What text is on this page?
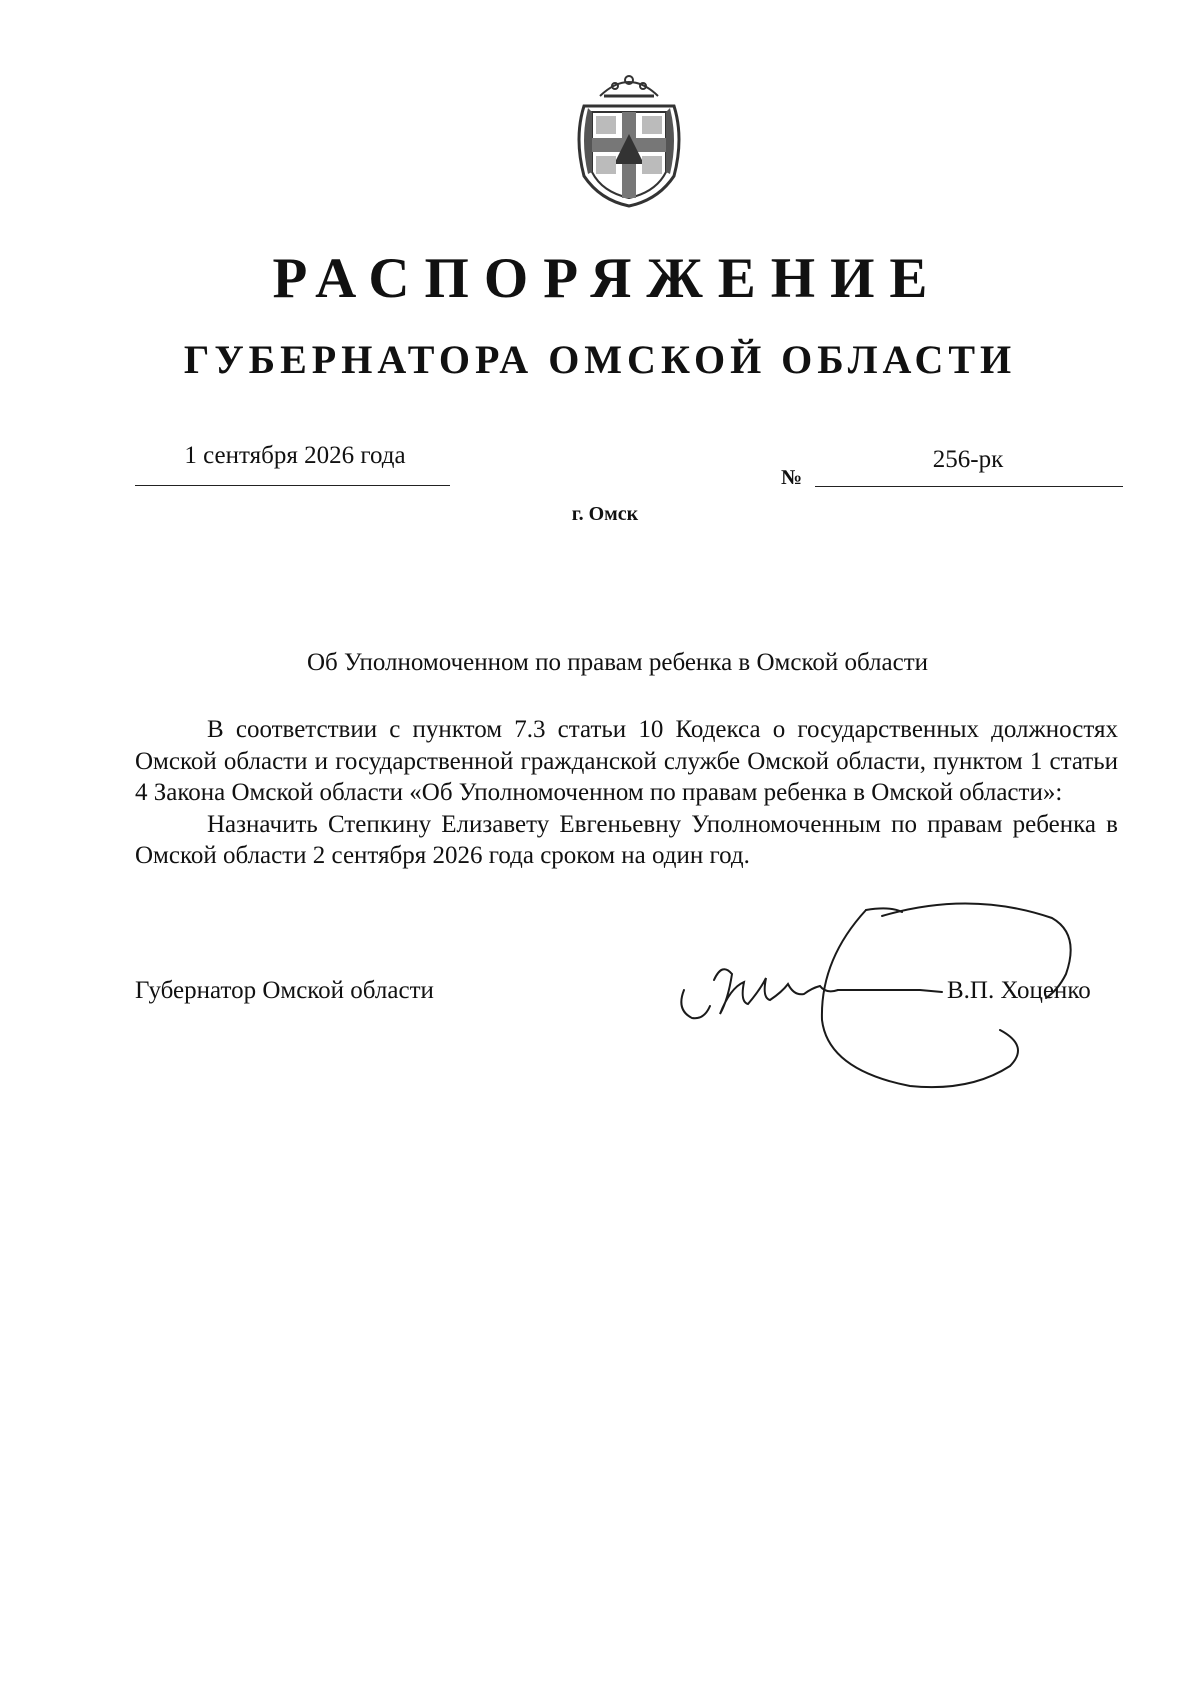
РАСПОРЯЖЕНИЕ
ГУБЕРНАТОРА ОМСКОЙ ОБЛАСТИ
1 сентября 2026 года
№
256-рк
г. Омск
Об Уполномоченном по правам ребенка в Омской области

В соответствии с пунктом 7.3 статьи 10 Кодекса о государственных должностях Омской области и государственной гражданской службе Омской области, пунктом 1 статьи 4 Закона Омской области «Об Уполномоченном по правам ребенка в Омской области»:

Назначить Степкину Елизавету Евгеньевну Уполномоченным по правам ребенка в Омской области 2 сентября 2026 года сроком на один год.

Губернатор Омской области	В.П. Хоценко
